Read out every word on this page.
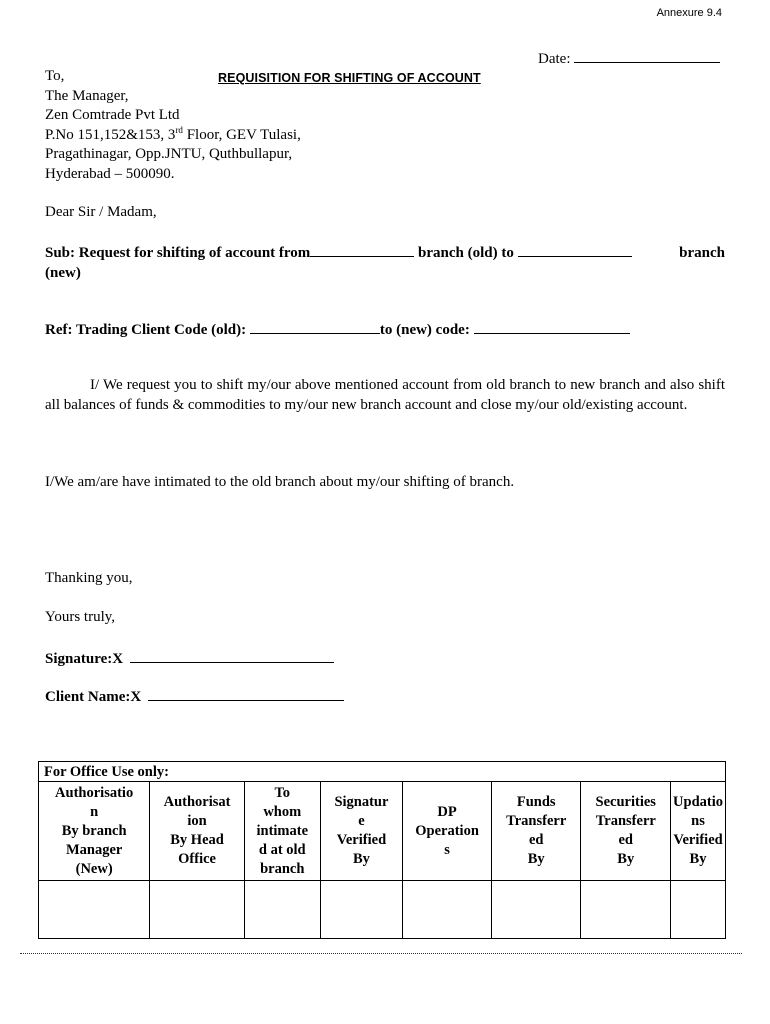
Annexure 9.4
Date:
REQUISITION FOR SHIFTING OF ACCOUNT
To,
The Manager,
Zen Comtrade Pvt Ltd
P.No 151,152&153, 3rd Floor, GEV Tulasi,
Pragathinagar, Opp.JNTU, Quthbullapur,
Hyderabad – 500090.
Dear Sir / Madam,
Sub: Request for shifting of account from	branch (old) to	branch
(new)
Ref: Trading Client Code (old):	to (new) code:
I/ We request you to shift my/our above mentioned account from old branch to new branch and also shift all balances of funds & commodities to my/our new branch account and close my/our old/existing account.
I/We am/are have intimated to the old branch about my/our shifting of branch.
Thanking you,
Yours truly,
Signature:X
Client Name:X
For Office Use only:							
Authorisatio
n
By branch
Manager
(New)	Authorisat
ion
By Head
Office	To
whom
intimate
d at old
branch	Signatur
e
Verified
By	DP
Operation
s	Funds
Transferr
ed
By	Securities
Transferr
ed
By	Updatio
ns
Verified
By
